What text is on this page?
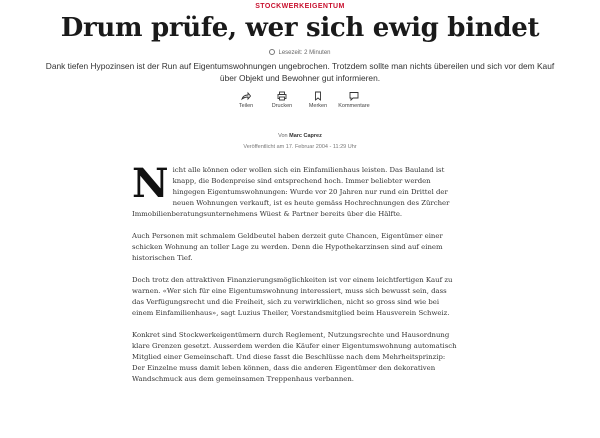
STOCKWERKEIGENTUM
Drum prüfe, wer sich ewig bindet
Lesezeit: 2 Minuten

Dank tiefen Hypozinsen ist der Run auf Eigentumswohnungen ungebrochen. Trotzdem sollte man nichts übereilen und sich vor dem Kauf über Objekt und Bewohner gut informieren.

Teilen	Drucken	Merken Kommentare
Von Marc Caprez
Veröffentlicht am 17. Februar 2004 - 11:29 Uhr

Nicht alle können oder wollen sich ein Einfamilienhaus leisten. Das Bauland ist knapp, die Bodenpreise sind entsprechend hoch. Immer beliebter werden hingegen Eigentumswohnungen: Wurde vor 20 Jahren nur rund ein Drittel der neuen Wohnungen verkauft, ist es heute gemäss Hochrechnungen des Zürcher Immobilienberatungsunternehmens Wüest & Partner bereits über die Hälfte.

Auch Personen mit schmalem Geldbeutel haben derzeit gute Chancen, Eigentümer einer schicken Wohnung an toller Lage zu werden. Denn die Hypothekarzinsen sind auf einem historischen Tief.

Doch trotz den attraktiven Finanzierungsmöglichkeiten ist vor einem leichtfertigen Kauf zu warnen. «Wer sich für eine Eigentumswohnung interessiert, muss sich bewusst sein, dass das Verfügungsrecht und die Freiheit, sich zu verwirklichen, nicht so gross sind wie bei einem Einfamilienhaus», sagt Luzius Theiler, Vorstandsmitglied beim Hausverein Schweiz.

Konkret sind Stockwerkeigentümern durch Reglement, Nutzungsrechte und Hausordnung klare Grenzen gesetzt. Ausserdem werden die Käufer einer Eigentumswohnung automatisch Mitglied einer Gemeinschaft. Und diese fasst die Beschlüsse nach dem Mehrheitsprinzip: Der Einzelne muss damit leben können, dass die anderen Eigentümer den dekorativen Wandschmuck aus dem gemeinsamen Treppenhaus verbannen.
